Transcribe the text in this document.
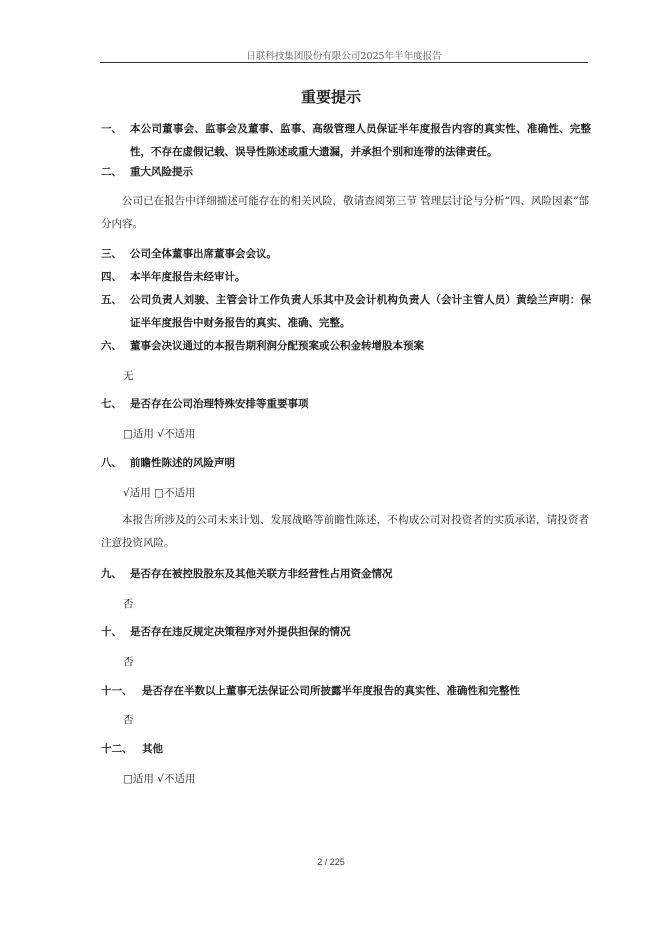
日联科技集团股份有限公司2025年半年度报告
重要提示
一、 本公司董事会、监事会及董事、监事、高级管理人员保证半年度报告内容的真实性、准确性、完整性，不存在虚假记载、误导性陈述或重大遗漏，并承担个别和连带的法律责任。
二、 重大风险提示
公司已在报告中详细描述可能存在的相关风险，敬请查阅第三节 管理层讨论与分析“四、风险因素”部分内容。
三、 公司全体董事出席董事会会议。
四、 本半年度报告未经审计。
五、 公司负责人刘骏、主管会计工作负责人乐其中及会计机构负责人（会计主管人员）黄绘兰声明：保证半年度报告中财务报告的真实、准确、完整。
六、 董事会决议通过的本报告期利润分配预案或公积金转增股本预案
无
七、 是否存在公司治理特殊安排等重要事项
□适用 √不适用
八、 前瞻性陈述的风险声明
√适用 □不适用
本报告所涉及的公司未来计划、发展战略等前瞻性陈述，不构成公司对投资者的实质承诺，请投资者注意投资风险。
九、 是否存在被控股股东及其他关联方非经营性占用资金情况
否
十、 是否存在违反规定决策程序对外提供担保的情况
否
十一、 是否存在半数以上董事无法保证公司所披露半年度报告的真实性、准确性和完整性
否
十二、 其他
□适用 √不适用
2 / 225
